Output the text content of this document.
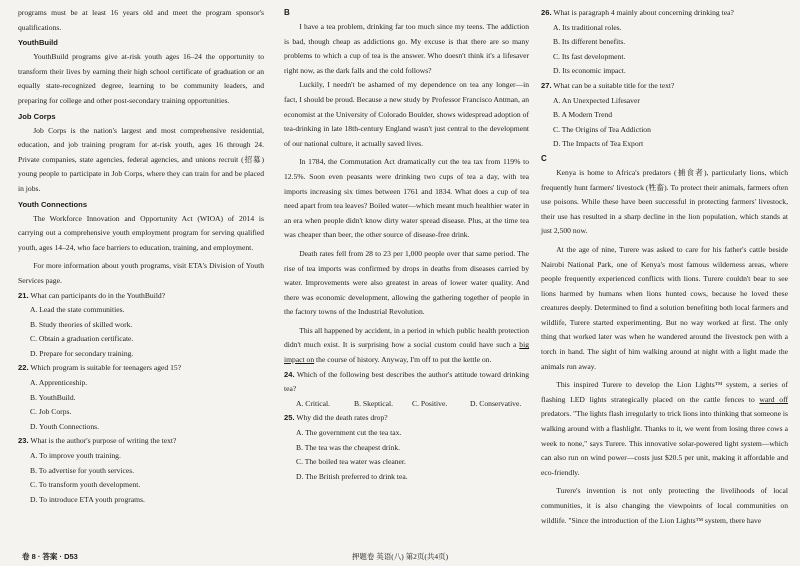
programs must be at least 16 years old and meet the program sponsor's qualifications.

YouthBuild

YouthBuild programs give at-risk youth ages 16–24 the opportunity to transform their lives by earning their high school certificate of graduation or an equally state-recognized degree, learning to be community leaders, and preparing for college and other post-secondary training opportunities.

Job Corps

Job Corps is the nation's largest and most comprehensive residential, education, and job training program for at-risk youth, ages 16 through 24. Private companies, state agencies, federal agencies, and unions recruit (招募) young people to participate in Job Corps, where they can train for and be placed in jobs.

Youth Connections

The Workforce Innovation and Opportunity Act (WIOA) of 2014 is carrying out a comprehensive youth employment program for serving qualified youth, ages 14–24, who face barriers to education, training, and employment.

For more information about youth programs, visit ETA's Division of Youth Services page.

21. What can participants do in the YouthBuild?

A. Lead the state communities.

B. Study theories of skilled work.

C. Obtain a graduation certificate.

D. Prepare for secondary training.

22. Which program is suitable for teenagers aged 15?

A. Apprenticeship.

B. YouthBuild.

C. Job Corps.

D. Youth Connections.

23. What is the author's purpose of writing the text?

A. To improve youth training.

B. To advertise for youth services.

C. To transform youth development.

D. To introduce ETA youth programs.

B

I have a tea problem, drinking far too much since my teens. The addiction is bad, though cheap as addictions go. My excuse is that there are so many problems to which a cup of tea is the answer. Who doesn't think it's a lifesaver right now, as the dark falls and the cold follows?

Luckily, I needn't be ashamed of my dependence on tea any longer—in fact, I should be proud. Because a new study by Professor Francisco Antman, an economist at the University of Colorado Boulder, shows widespread adoption of tea-drinking in late 18th-century England wasn't just central to the development of our national culture, it actually saved lives.

In 1784, the Commutation Act dramatically cut the tea tax from 119% to 12.5%. Soon even peasants were drinking two cups of tea a day, with tea imports increasing six times between 1761 and 1834. What does a cup of tea need apart from tea leaves? Boiled water—which meant much healthier water in an era when people didn't know dirty water spread disease. Plus, at the time tea was cheaper than beer, the other source of disease-free drink.

Death rates fell from 28 to 23 per 1,000 people over that same period. The rise of tea imports was confirmed by drops in deaths from diseases carried by water. Improvements were also greatest in areas of lower water quality. And there was economic development, allowing the gathering together of people in the factory towns of the Industrial Revolution.

This all happened by accident, in a period in which public health protection didn't much exist. It is surprising how a social custom could have such a big impact on the course of history. Anyway, I'm off to put the kettle on.

24. Which of the following best describes the author's attitude toward drinking tea?

A. Critical.	B. Skeptical.	C. Positive.	D. Conservative.

25. Why did the death rates drop?

A. The government cut the tea tax.

B. The tea was the cheapest drink.

C. The boiled tea water was cleaner.

D. The British preferred to drink tea.

26. What is paragraph 4 mainly about concerning drinking tea?

A. Its traditional roles.

B. Its different benefits.

C. Its fast development.

D. Its economic impact.

27. What can be a suitable title for the text?

A. An Unexpected Lifesaver

B. A Modern Trend

C. The Origins of Tea Addiction

D. The Impacts of Tea Export

C

Kenya is home to Africa's predators (捕食者), particularly lions, which frequently hunt farmers' livestock (牲畜). To protect their animals, farmers often use poisons. While these have been successful in protecting farmers' livestock, their use has resulted in a sharp decline in the lion population, which stands at just 2,500 now.

At the age of nine, Turere was asked to care for his father's cattle beside Nairobi National Park, one of Kenya's most famous wilderness areas, where people frequently experienced conflicts with lions. Turere couldn't bear to see lions harmed by humans when lions hunted cows, because he loved these creatures deeply. Determined to find a solution benefiting both local farmers and wildlife, Turere started experimenting. But no way worked at first. The only thing that worked later was when he wandered around the livestock pen with a torch in hand. The sight of him walking around at night with a light made the animals run away.

This inspired Turere to develop the Lion Lights™ system, a series of flashing LED lights strategically placed on the cattle fences to ward off predators. "The lights flash irregularly to trick lions into thinking that someone is walking around with a flashlight. Thanks to it, we went from losing three cows a week to none," says Turere. This innovative solar-powered light system—which can also run on wind power—costs just $20.5 per unit, making it affordable and eco-friendly.

Turere's invention is not only protecting the livelihoods of local communities, it is also changing the viewpoints of local communities on wildlife. "Since the introduction of the Lion Lights™ system, there have

押题卷 英语(八) 第2页(共4页)
卷 8 · 答案 · D53
